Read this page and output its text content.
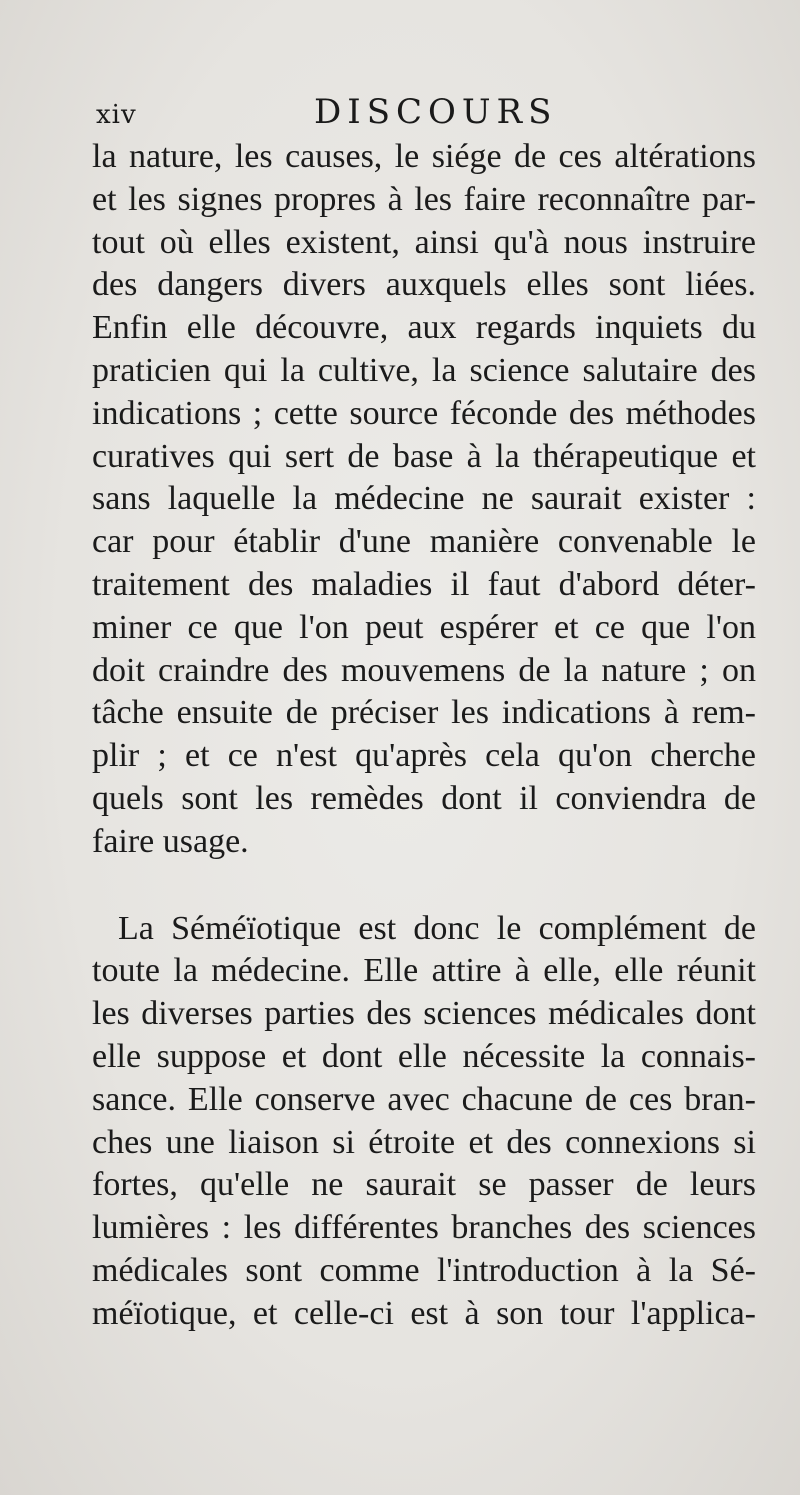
xiv	DISCOURS
la nature, les causes, le siége de ces altérations
et les signes propres à les faire reconnaître par-
tout où elles existent, ainsi qu'à nous instruire
des dangers divers auxquels elles sont liées.
Enfin elle découvre, aux regards inquiets du
praticien qui la cultive, la science salutaire des
indications ; cette source féconde des méthodes
curatives qui sert de base à la thérapeutique et
sans laquelle la médecine ne saurait exister :
car pour établir d'une manière convenable le
traitement des maladies il faut d'abord déter-
miner ce que l'on peut espérer et ce que l'on
doit craindre des mouvemens de la nature ; on
tâche ensuite de préciser les indications à rem-
plir ; et ce n'est qu'après cela qu'on cherche
quels sont les remèdes dont il conviendra de
faire usage.
La Séméïotique est donc le complément de
toute la médecine. Elle attire à elle, elle réunit
les diverses parties des sciences médicales dont
elle suppose et dont elle nécessite la connais-
sance. Elle conserve avec chacune de ces bran-
ches une liaison si étroite et des connexions si
fortes, qu'elle ne saurait se passer de leurs
lumières : les différentes branches des sciences
médicales sont comme l'introduction à la Sé-
méïotique, et celle-ci est à son tour l'applica-
